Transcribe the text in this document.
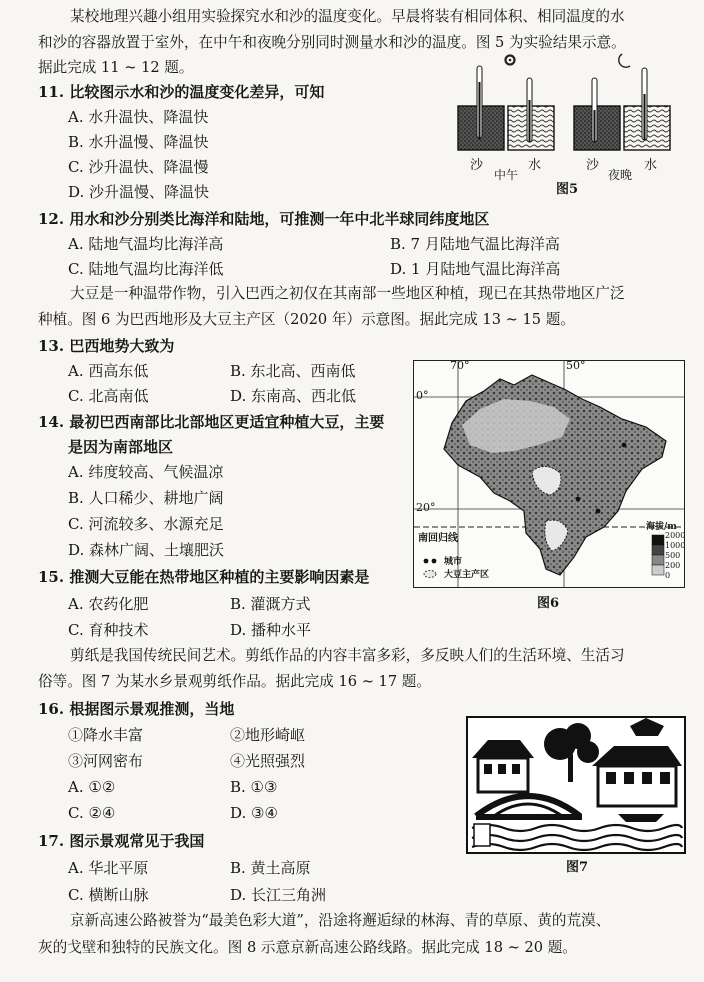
某校地理兴趣小组用实验探究水和沙的温度变化。早晨将装有相同体积、相同温度的水
和沙的容器放置于室外，在中午和夜晚分别同时测量水和沙的温度。图 5 为实验结果示意。
据此完成 11 ~ 12 题。
11. 比较图示水和沙的温度变化差异，可知
A. 水升温快、降温快
B. 水升温慢、降温快
C. 沙升温快、降温慢
D. 沙升温慢、降温快
沙	水	沙	水
中午	夜晚
图5
12. 用水和沙分别类比海洋和陆地，可推测一年中北半球同纬度地区
A. 陆地气温均比海洋高	B. 7 月陆地气温比海洋高
C. 陆地气温均比海洋低	D. 1 月陆地气温比海洋高
大豆是一种温带作物，引入巴西之初仅在其南部一些地区种植，现已在其热带地区广泛
种植。图 6 为巴西地形及大豆主产区（2020 年）示意图。据此完成 13 ~ 15 题。
13. 巴西地势大致为
A. 西高东低	B. 东北高、西南低
C. 北高南低	D. 东南高、西北低
14. 最初巴西南部比北部地区更适宜种植大豆，主要
是因为南部地区
A. 纬度较高、气候温凉
B. 人口稀少、耕地广阔
C. 河流较多、水源充足
D. 森林广阔、土壤肥沃
70°	50°
0°
20°
南回归线
海拔/m
2000
1000
500
200
0
城市
大豆主产区
图6
15. 推测大豆能在热带地区种植的主要影响因素是
A. 农药化肥	B. 灌溉方式
C. 育种技术	D. 播种水平
剪纸是我国传统民间艺术。剪纸作品的内容丰富多彩，多反映人们的生活环境、生活习
俗等。图 7 为某水乡景观剪纸作品。据此完成 16 ~ 17 题。
16. 根据图示景观推测，当地
①降水丰富	②地形崎岖
③河网密布	④光照强烈
A. ①②	B. ①③
C. ②④	D. ③④
图7
17. 图示景观常见于我国
A. 华北平原	B. 黄土高原
C. 横断山脉	D. 长江三角洲
京新高速公路被誉为“最美色彩大道”，沿途将邂逅绿的林海、青的草原、黄的荒漠、
灰的戈壁和独特的民族文化。图 8 示意京新高速公路线路。据此完成 18 ~ 20 题。
